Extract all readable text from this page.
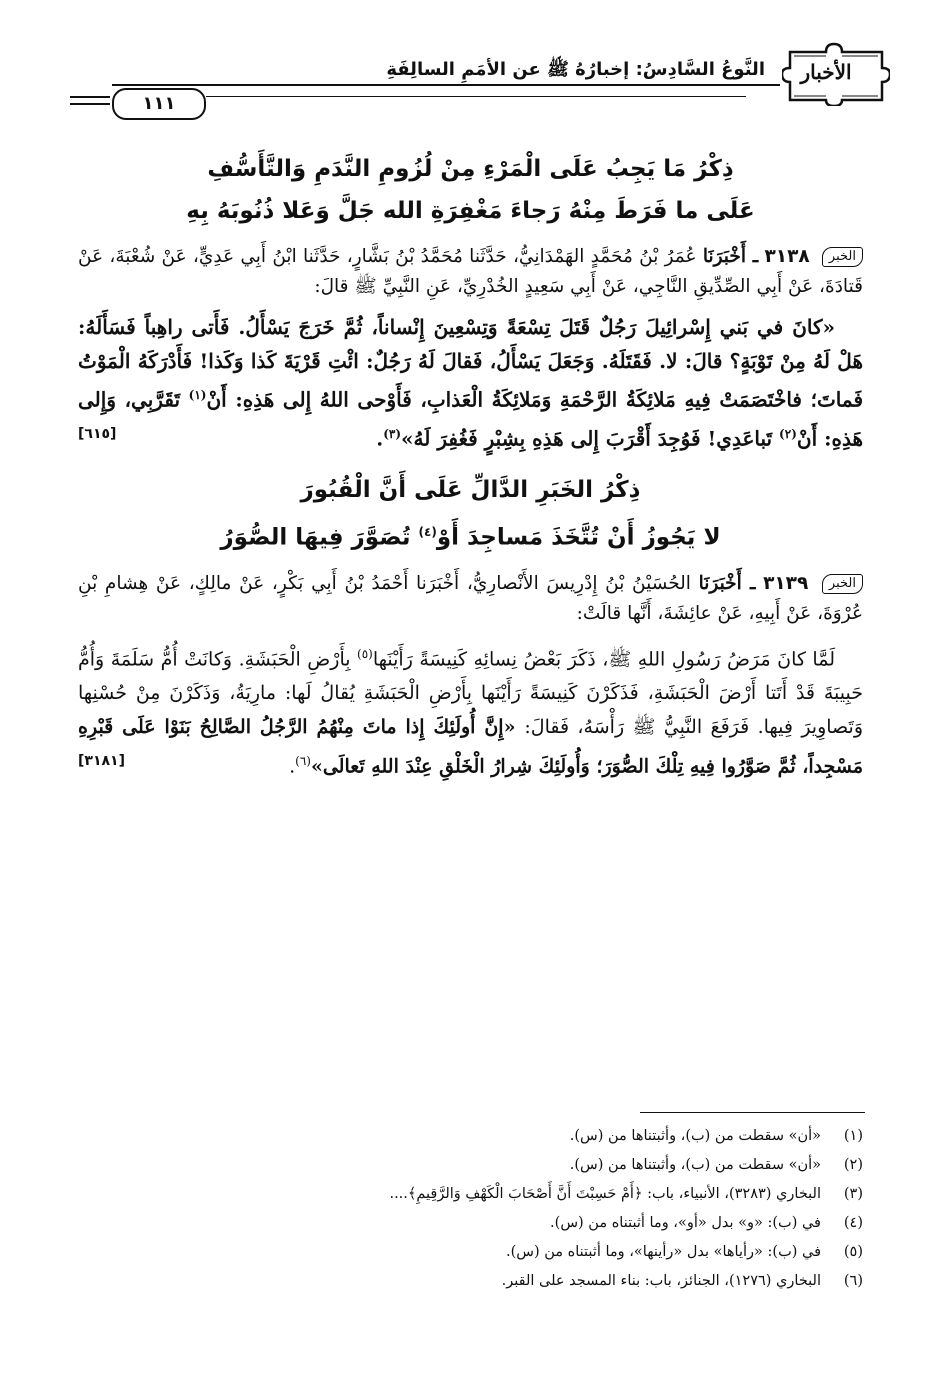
الأخبار
النَّوعُ السَّادِسُ: إخبارُهُ ﷺ عن الأمَمِ السالِفَةِ
١١١
ذِكْرُ مَا يَجِبُ عَلَى الْمَرْءِ مِنْ لُزُومِ النَّدَمِ وَالتَّأَسُّفِ
عَلَى ما فَرَطَ مِنْهُ رَجاءَ مَغْفِرَةِ الله جَلَّ وَعَلا ذُنُوبَهُ بِهِ

الخبر ٣١٣٨ ـ أَخْبَرَنَا عُمَرُ بْنُ مُحَمَّدٍ الهَمْدَانِيُّ، حَدَّثَنا مُحَمَّدُ بْنُ بَشَّارٍ، حَدَّثَنا ابْنُ أَبِي عَدِيٍّ، عَنْ شُعْبَةَ، عَنْ قَتادَةَ، عَنْ أَبِي الصِّدِّيقِ النَّاجِي، عَنْ أَبِي سَعِيدٍ الخُدْرِيِّ، عَنِ النَّبِيِّ ﷺ قالَ:

«كانَ في بَني إِسْرائِيلَ رَجُلٌ قَتَلَ تِسْعَةً وَتِسْعِينَ إِنْساناً، ثُمَّ خَرَجَ يَسْأَلُ. فَأَتى راهِباً فَسَأَلَهُ: هَلْ لَهُ مِنْ تَوْبَةٍ؟ قالَ: لا. فَقَتَلَهُ. وَجَعَلَ يَسْأَلُ، فَقالَ لَهُ رَجُلٌ: ائْتِ قَرْيَةَ كَذا وَكَذا! فَأَدْرَكَهُ الْمَوْتُ فَماتَ؛ فاخْتَصَمَتْ فِيهِ مَلائِكَةُ الرَّحْمَةِ وَمَلائِكَةُ الْعَذابِ، فَأَوْحى اللهُ إِلى هَذِهِ: أَنْ$^{(١)}$ تَقَرَّبِي، وَإِلى هَذِهِ: أَنْ$^{(٢)}$ تَباعَدِي! فَوُجِدَ أَقْرَبَ إِلى هَذِهِ بِشِبْرٍ فَغُفِرَ لَهُ»$^{(٣)}$.
[٦١٥]

ذِكْرُ الخَبَرِ الدَّالِّ عَلَى أَنَّ الْقُبُورَ
لا يَجُوزُ أَنْ تُتَّخَذَ مَساجِدَ أَوْ$^{(٤)}$ تُصَوَّرَ فِيهَا الصُّوَرُ

الخبر ٣١٣٩ ـ أَخْبَرَنَا الحُسَيْنُ بْنُ إِدْرِيسَ الأَنْصارِيُّ، أَخْبَرَنا أَحْمَدُ بْنُ أَبِي بَكْرٍ، عَنْ مالِكٍ، عَنْ هِشامِ بْنِ عُرْوَةَ، عَنْ أَبِيهِ، عَنْ عائِشَةَ، أَنَّها قالَتْ:

لَمَّا كانَ مَرَضُ رَسُولِ اللهِ ﷺ، ذَكَرَ بَعْضُ نِسائِهِ كَنِيسَةً رَأَيْنَها$^{(٥)}$ بِأَرْضِ الْحَبَشَةِ. وَكانَتْ أُمُّ سَلَمَةَ وَأُمُّ حَبِيبَةَ قَدْ أَتَتا أَرْضَ الْحَبَشَةِ، فَذَكَرْنَ كَنِيسَةً رَأَيْنَها بِأَرْضِ الْحَبَشَةِ يُقالُ لَها: مارِيَةُ، وَذَكَرْنَ مِنْ حُسْنِها وَتَصاوِيرَ فِيها. فَرَفَعَ النَّبِيُّ ﷺ رَأْسَهُ، فَقالَ: «إِنَّ أُولَئِكَ إِذا ماتَ مِنْهُمُ الرَّجُلُ الصَّالِحُ بَنَوْا عَلَى قَبْرِهِ مَسْجِداً، ثُمَّ صَوَّرُوا فِيهِ تِلْكَ الصُّوَرَ؛ وَأُولَئِكَ شِرارُ الْخَلْقِ عِنْدَ اللهِ تَعالَى»$^{(٦)}$.
[٣١٨١]

(١)«أن» سقطت من (ب)، وأثبتناها من (س).
(٢)«أن» سقطت من (ب)، وأثبتناها من (س).
(٣)البخاري (٣٢٨٣)، الأنبياء، باب: ﴿أَمْ حَسِبْتَ أَنَّ أَصْحَابَ الْكَهْفِ وَالرَّقِيمِ﴾....
(٤)في (ب): «و» بدل «أو»، وما أثبتناه من (س).
(٥)في (ب): «رأياها» بدل «رأينها»، وما أثبتناه من (س).
(٦)البخاري (١٢٧٦)، الجنائز، باب: بناء المسجد على القبر.
